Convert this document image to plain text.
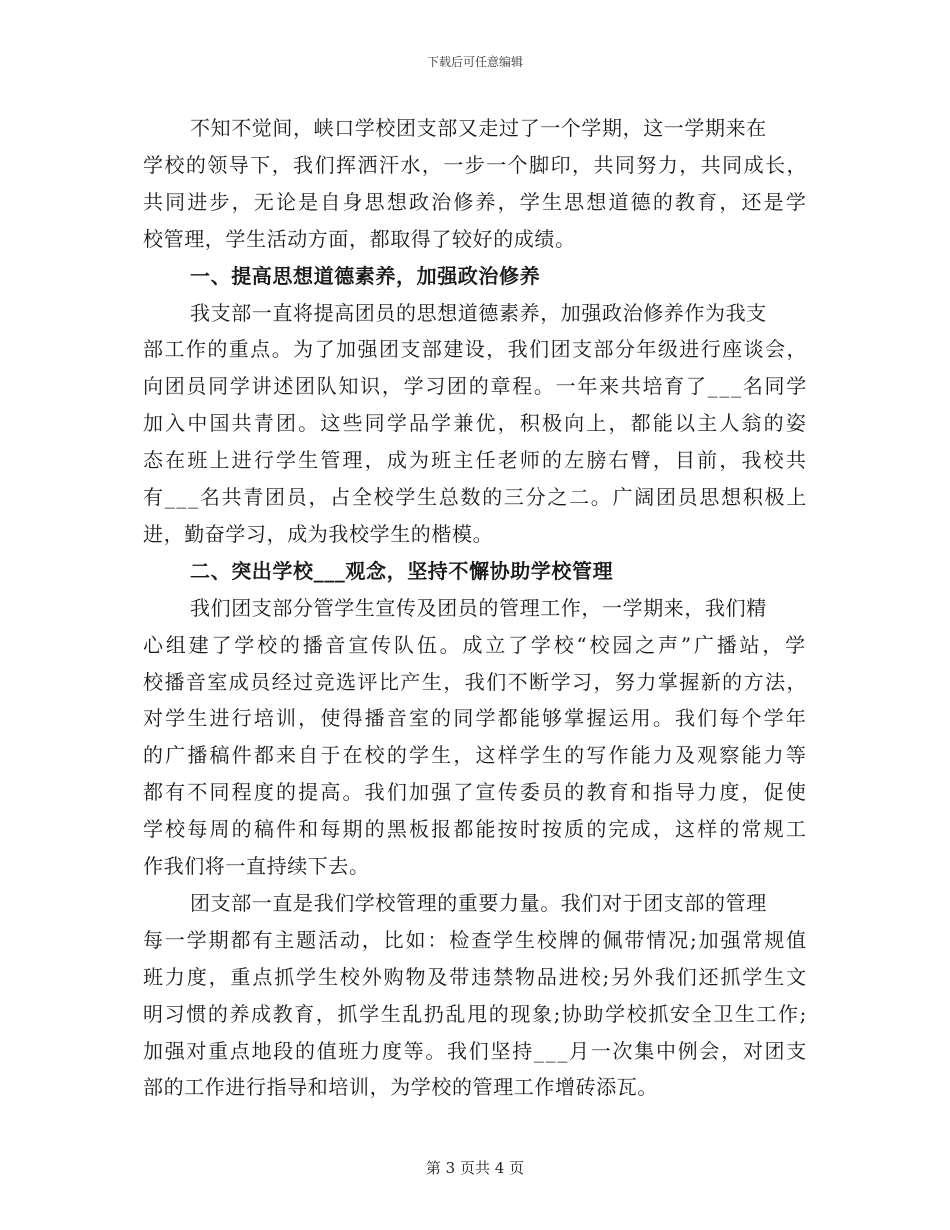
下载后可任意编辑
不知不觉间，峡口学校团支部又走过了一个学期，这一学期来在
学校的领导下，我们挥洒汗水，一步一个脚印，共同努力，共同成长，
共同进步，无论是自身思想政治修养，学生思想道德的教育，还是学
校管理，学生活动方面，都取得了较好的成绩。
一、提高思想道德素养，加强政治修养
我支部一直将提高团员的思想道德素养，加强政治修养作为我支
部工作的重点。为了加强团支部建设，我们团支部分年级进行座谈会，
向团员同学讲述团队知识，学习团的章程。一年来共培育了___名同学
加入中国共青团。这些同学品学兼优，积极向上，都能以主人翁的姿
态在班上进行学生管理，成为班主任老师的左膀右臂，目前，我校共
有___名共青团员，占全校学生总数的三分之二。广阔团员思想积极上
进，勤奋学习，成为我校学生的楷模。
二、突出学校___观念，坚持不懈协助学校管理
我们团支部分管学生宣传及团员的管理工作，一学期来，我们精
心组建了学校的播音宣传队伍。成立了学校“校园之声”广播站，学
校播音室成员经过竞选评比产生，我们不断学习，努力掌握新的方法，
对学生进行培训，使得播音室的同学都能够掌握运用。我们每个学年
的广播稿件都来自于在校的学生，这样学生的写作能力及观察能力等
都有不同程度的提高。我们加强了宣传委员的教育和指导力度，促使
学校每周的稿件和每期的黑板报都能按时按质的完成，这样的常规工
作我们将一直持续下去。
团支部一直是我们学校管理的重要力量。我们对于团支部的管理
每一学期都有主题活动，比如：检查学生校牌的佩带情况;加强常规值
班力度，重点抓学生校外购物及带违禁物品进校;另外我们还抓学生文
明习惯的养成教育，抓学生乱扔乱甩的现象;协助学校抓安全卫生工作;
加强对重点地段的值班力度等。我们坚持___月一次集中例会，对团支
部的工作进行指导和培训，为学校的管理工作增砖添瓦。
第 3 页共 4 页
